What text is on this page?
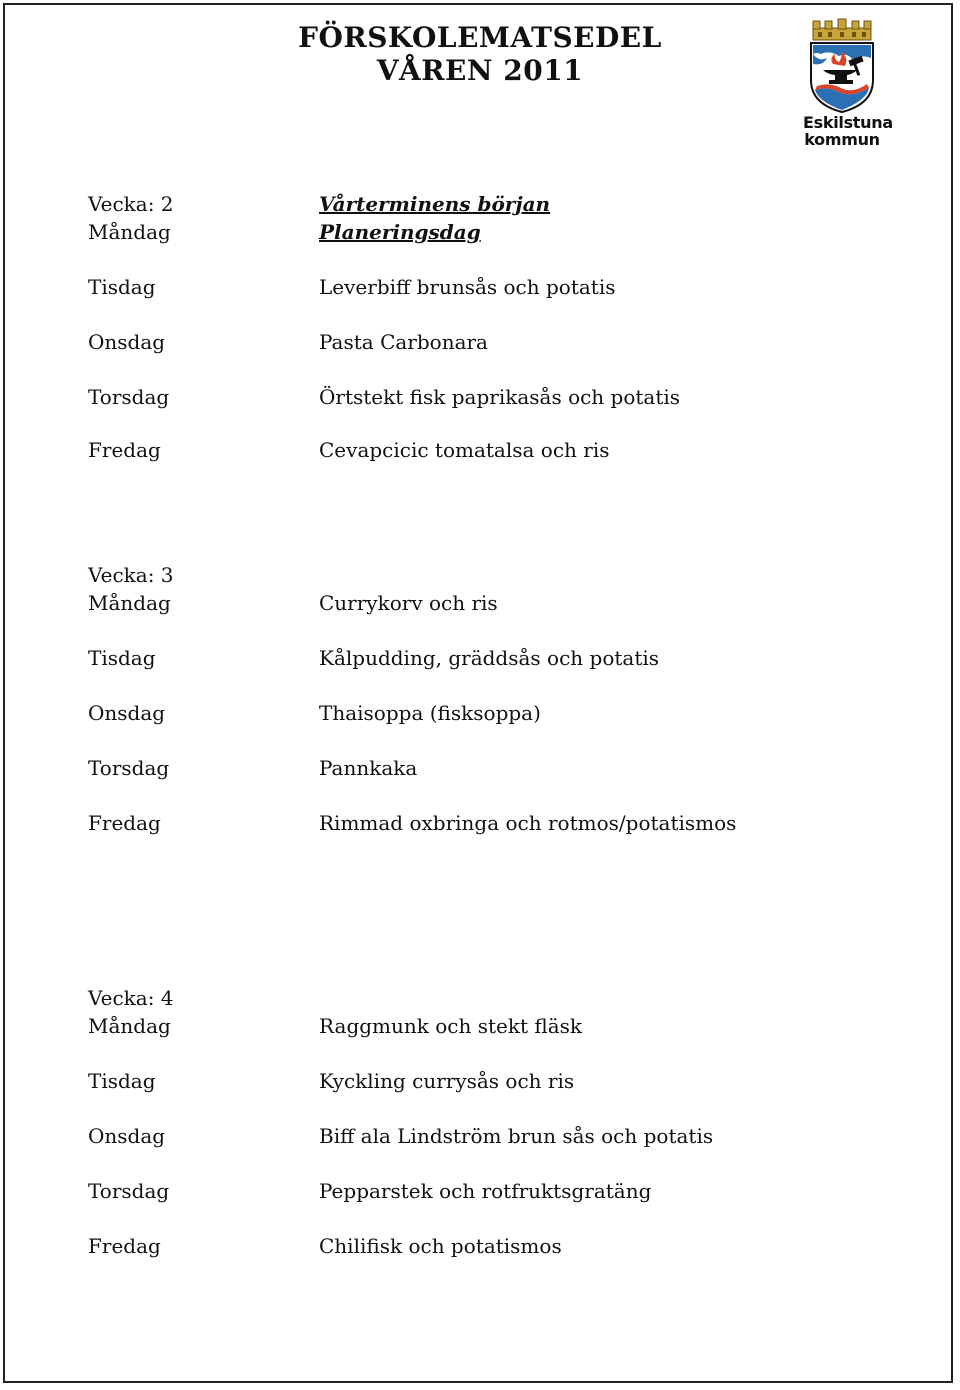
FÖRSKOLEMATSEDEL
VÅREN 2011
Eskilstuna
kommun
Vecka: 2	Vårterminens början
Måndag	Planeringsdag
Tisdag	Leverbiff brunsås och potatis
Onsdag	Pasta Carbonara
Torsdag	Örtstekt fisk paprikasås och potatis
Fredag	Cevapcicic tomatalsa och ris
Vecka: 3
Måndag	Currykorv och ris
Tisdag	Kålpudding, gräddsås och potatis
Onsdag	Thaisoppa (fisksoppa)
Torsdag	Pannkaka
Fredag	Rimmad oxbringa och rotmos/potatismos
Vecka: 4
Måndag	Raggmunk och stekt fläsk
Tisdag	Kyckling currysås och ris
Onsdag	Biff ala Lindström brun sås och potatis
Torsdag	Pepparstek och rotfruktsgratäng
Fredag	Chilifisk och potatismos
